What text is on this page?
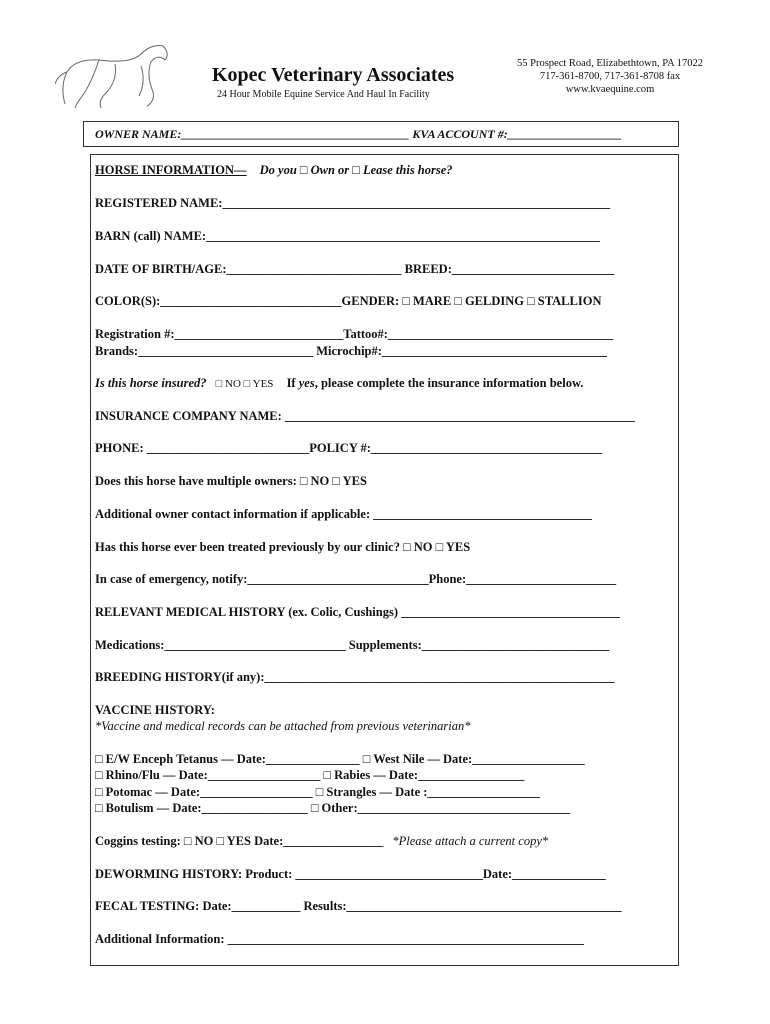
Kopec Veterinary Associates
24 Hour Mobile Equine Service And Haul In Facility
55 Prospect Road, Elizabethtown, PA 17022
717-361-8700, 717-361-8708 fax
www.kvaequine.com
OWNER NAME:______________________________________ KVA ACCOUNT #:___________________
HORSE INFORMATION— Do you □ Own or □ Lease this horse?
REGISTERED NAME:______________________________________________________________
BARN (call) NAME:_______________________________________________________________
DATE OF BIRTH/AGE:____________________________ BREED:__________________________
COLOR(S):_____________________________GENDER: □ MARE □ GELDING □ STALLION
Registration #:___________________________Tattoo#:____________________________________
Brands:____________________________ Microchip#:____________________________________
Is this horse insured? □ NO □ YES If yes, please complete the insurance information below.
INSURANCE COMPANY NAME: ________________________________________________________
PHONE: __________________________POLICY #:_____________________________________
Does this horse have multiple owners: □ NO □ YES
Additional owner contact information if applicable: ___________________________________
Has this horse ever been treated previously by our clinic? □ NO □ YES
In case of emergency, notify:_____________________________Phone:________________________
RELEVANT MEDICAL HISTORY (ex. Colic, Cushings) ___________________________________
Medications:_____________________________ Supplements:______________________________
BREEDING HISTORY(if any):________________________________________________________
VACCINE HISTORY:
*Vaccine and medical records can be attached from previous veterinarian*
□ E/W Enceph Tetanus — Date:_______________ □ West Nile — Date:__________________
□ Rhino/Flu — Date:__________________ □ Rabies — Date:_________________
□ Potomac — Date:__________________ □ Strangles — Date :__________________
□ Botulism — Date:_________________ □ Other:__________________________________
Coggins testing: □ NO □ YES Date:________________ *Please attach a current copy*
DEWORMING HISTORY: Product: ______________________________Date:_______________
FECAL TESTING: Date:___________ Results:____________________________________________
Additional Information: _________________________________________________________
